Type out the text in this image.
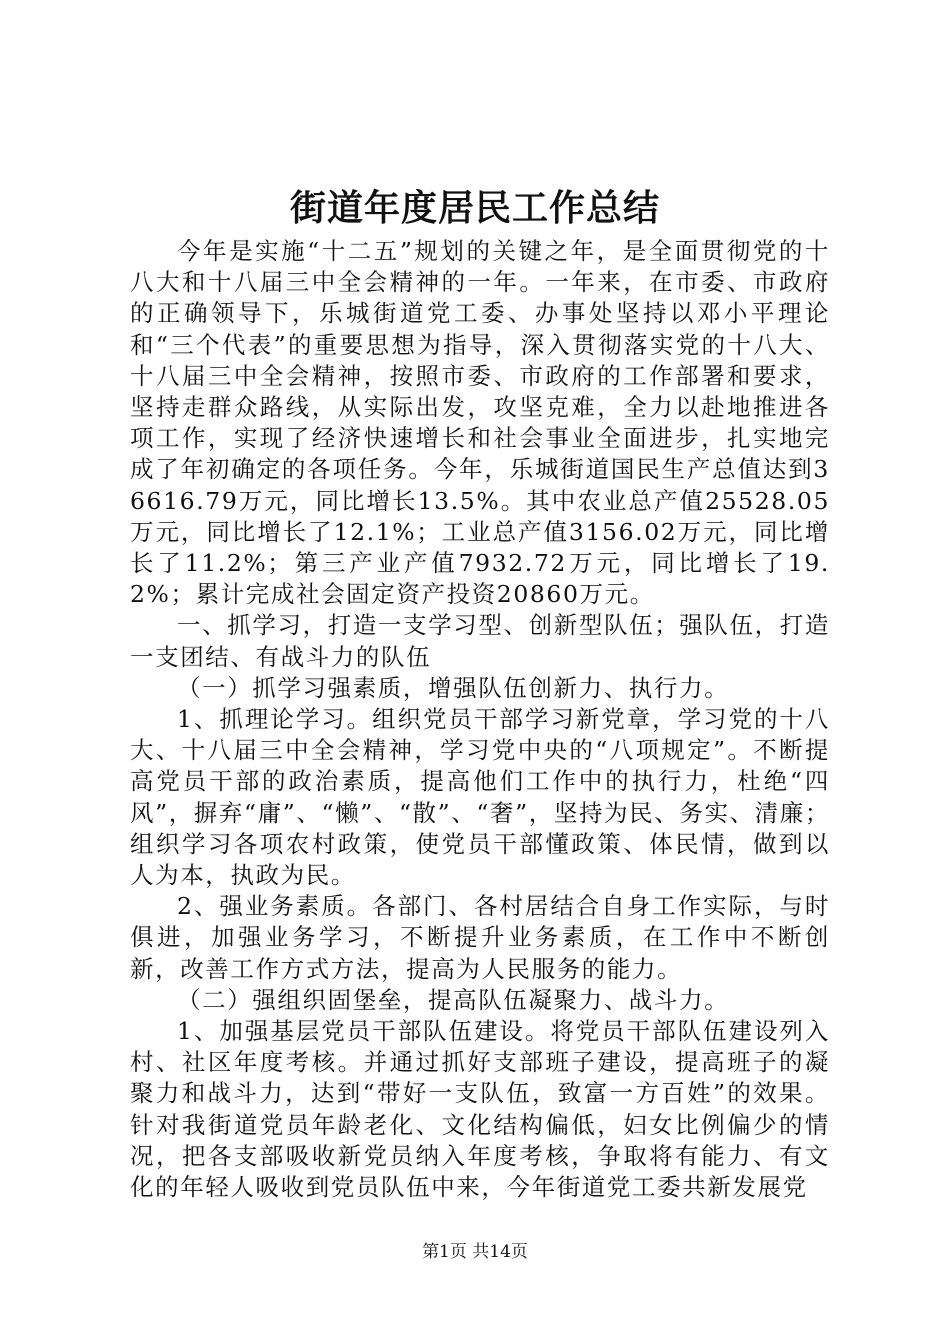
街道年度居民工作总结

今年是实施“十二五”规划的关键之年，是全面贯彻党的十八大和十八届三中全会精神的一年。一年来，在市委、市政府的正确领导下，乐城街道党工委、办事处坚持以邓小平理论和“三个代表”的重要思想为指导，深入贯彻落实党的十八大、十八届三中全会精神，按照市委、市政府的工作部署和要求，坚持走群众路线，从实际出发，攻坚克难，全力以赴地推进各项工作，实现了经济快速增长和社会事业全面进步，扎实地完成了年初确定的各项任务。今年，乐城街道国民生产总值达到36616.79万元，同比增长13.5%。其中农业总产值25528.05万元，同比增长了12.1%；工业总产值3156.02万元，同比增长了11.2%；第三产业产值7932.72万元，同比增长了19.2%；累计完成社会固定资产投资20860万元。

一、抓学习，打造一支学习型、创新型队伍；强队伍，打造一支团结、有战斗力的队伍

（一）抓学习强素质，增强队伍创新力、执行力。

1、抓理论学习。组织党员干部学习新党章，学习党的十八大、十八届三中全会精神，学习党中央的“八项规定”。不断提高党员干部的政治素质，提高他们工作中的执行力，杜绝“四风”，摒弃“庸”、“懒”、“散”、“奢”，坚持为民、务实、清廉；组织学习各项农村政策，使党员干部懂政策、体民情，做到以人为本，执政为民。

2、强业务素质。各部门、各村居结合自身工作实际，与时俱进，加强业务学习，不断提升业务素质，在工作中不断创新，改善工作方式方法，提高为人民服务的能力。

（二）强组织固堡垒，提高队伍凝聚力、战斗力。

1、加强基层党员干部队伍建设。将党员干部队伍建设列入村、社区年度考核。并通过抓好支部班子建设，提高班子的凝聚力和战斗力，达到“带好一支队伍，致富一方百姓”的效果。针对我街道党员年龄老化、文化结构偏低，妇女比例偏少的情况，把各支部吸收新党员纳入年度考核，争取将有能力、有文化的年轻人吸收到党员队伍中来，今年街道党工委共新发展党

第1页 共14页
